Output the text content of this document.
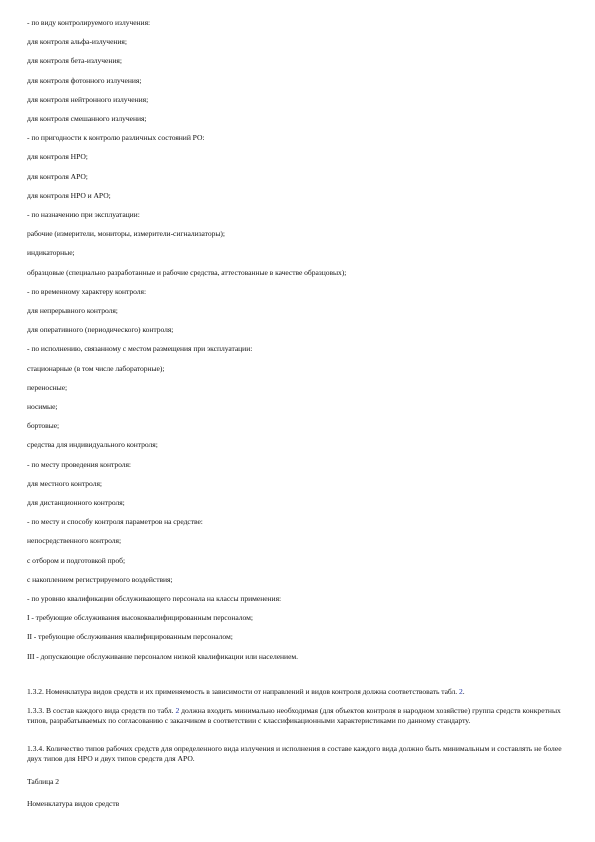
- по виду контролируемого излучения:
для контроля альфа-излучения;
для контроля бета-излучения;
для контроля фотонного излучения;
для контроля нейтронного излучения;
для контроля смешанного излучения;
- по пригодности к контролю различных состояний РО:
для контроля НРО;
для контроля АРО;
для контроля НРО и АРО;
- по назначению при эксплуатации:
рабочие (измерители, мониторы, измерители-сигнализаторы);
индикаторные;
образцовые (специально разработанные и рабочие средства, аттестованные в качестве образцовых);
- по временному характеру контроля:
для непрерывного контроля;
для оперативного (периодического) контроля;
- по исполнению, связанному с местом размещения при эксплуатации:
стационарные (в том числе лабораторные);
переносные;
носимые;
бортовые;
средства для индивидуального контроля;
- по месту проведения контроля:
для местного контроля;
для дистанционного контроля;
- по месту и способу контроля параметров на средстве:
непосредственного контроля;
с отбором и подготовкой проб;
с накоплением регистрируемого воздействия;
- по уровню квалификации обслуживающего персонала на классы применения:
I - требующие обслуживания высококвалифицированным персоналом;
II - требующие обслуживания квалифицированным персоналом;
III - допускающие обслуживание персоналом низкой квалификации или населением.
1.3.2. Номенклатура видов средств и их применяемость в зависимости от направлений и видов контроля должна соответствовать табл. 2.
1.3.3. В состав каждого вида средств по табл. 2 должна входить минимально необходимая (для объектов контроля в народном хозяйстве) группа средств конкретных типов, разрабатываемых по согласованию с заказчиком в соответствии с классификационными характеристиками по данному стандарту.
1.3.4. Количество типов рабочих средств для определенного вида излучения и исполнения в составе каждого вида должно быть минимальным и составлять не более двух типов для НРО и двух типов средств для АРО.
Таблица 2
Номенклатура видов средств
